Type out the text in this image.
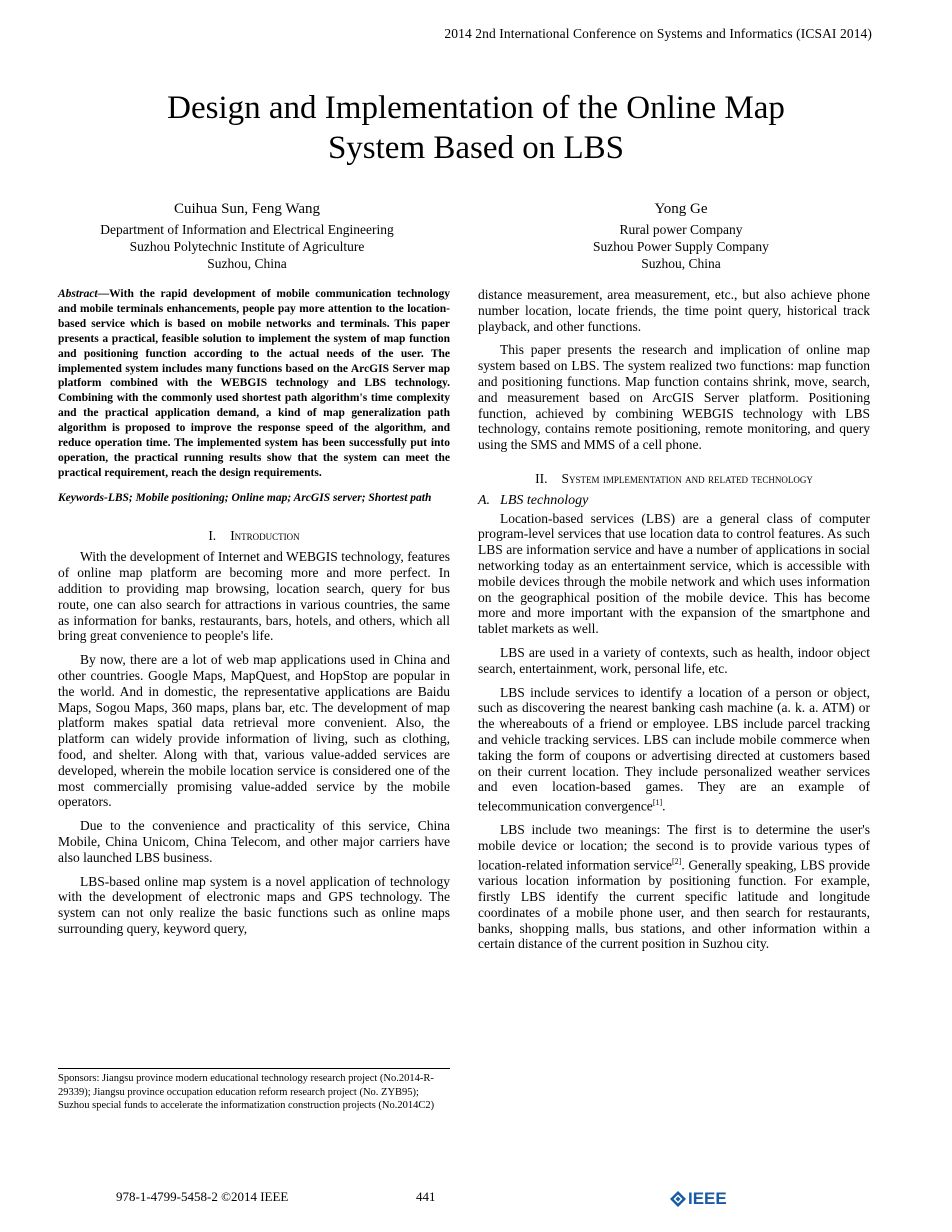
2014 2nd International Conference on Systems and Informatics (ICSAI 2014)
Design and Implementation of the Online Map
System Based on LBS
Cuihua Sun, Feng Wang
Department of Information and Electrical Engineering
Suzhou Polytechnic Institute of Agriculture
Suzhou, China
Yong Ge
Rural power Company
Suzhou Power Supply Company
Suzhou, China

Abstract—With the rapid development of mobile communication technology and mobile terminals enhancements, people pay more attention to the location-based service which is based on mobile networks and terminals. This paper presents a practical, feasible solution to implement the system of map function and positioning function according to the actual needs of the user. The implemented system includes many functions based on the ArcGIS Server map platform combined with the WEBGIS technology and LBS technology. Combining with the commonly used shortest path algorithm's time complexity and the practical application demand, a kind of map generalization path algorithm is proposed to improve the response speed of the algorithm, and reduce operation time. The implemented system has been successfully put into operation, the practical running results show that the system can meet the practical requirement, reach the design requirements.

Keywords-LBS; Mobile positioning; Online map; ArcGIS server; Shortest path

I. Introduction

With the development of Internet and WEBGIS technology, features of online map platform are becoming more and more perfect. In addition to providing map browsing, location search, query for bus route, one can also search for attractions in various countries, the same as information for banks, restaurants, bars, hotels, and others, which all bring great convenience to people's life.

By now, there are a lot of web map applications used in China and other countries. Google Maps, MapQuest, and HopStop are popular in the world. And in domestic, the representative applications are Baidu Maps, Sogou Maps, 360 maps, plans bar, etc. The development of map platform makes spatial data retrieval more convenient. Also, the platform can widely provide information of living, such as clothing, food, and shelter. Along with that, various value-added services are developed, wherein the mobile location service is considered one of the most commercially promising value-added service by the mobile operators.

Due to the convenience and practicality of this service, China Mobile, China Unicom, China Telecom, and other major carriers have also launched LBS business.

LBS-based online map system is a novel application of technology with the development of electronic maps and GPS technology. The system can not only realize the basic functions such as online maps surrounding query, keyword query,

distance measurement, area measurement, etc., but also achieve phone number location, locate friends, the time point query, historical track playback, and other functions.

This paper presents the research and implication of online map system based on LBS. The system realized two functions: map function and positioning functions. Map function contains shrink, move, search, and measurement based on ArcGIS Server platform. Positioning function, achieved by combining WEBGIS technology with LBS technology, contains remote positioning, remote monitoring, and query using the SMS and MMS of a cell phone.

II. System implementation and related technology
A. LBS technology

Location-based services (LBS) are a general class of computer program-level services that use location data to control features. As such LBS are information service and have a number of applications in social networking today as an entertainment service, which is accessible with mobile devices through the mobile network and which uses information on the geographical position of the mobile device. This has become more and more important with the expansion of the smartphone and tablet markets as well.

LBS are used in a variety of contexts, such as health, indoor object search, entertainment, work, personal life, etc.

LBS include services to identify a location of a person or object, such as discovering the nearest banking cash machine (a. k. a. ATM) or the whereabouts of a friend or employee. LBS include parcel tracking and vehicle tracking services. LBS can include mobile commerce when taking the form of coupons or advertising directed at customers based on their current location. They include personalized weather services and even location-based games. They are an example of telecommunication convergence[1].

LBS include two meanings: The first is to determine the user's mobile device or location; the second is to provide various types of location-related information service[2]. Generally speaking, LBS provide various location information by positioning function. For example, firstly LBS identify the current specific latitude and longitude coordinates of a mobile phone user, and then search for restaurants, banks, shopping malls, bus stations, and other information within a certain distance of the current position in Suzhou city.

Sponsors: Jiangsu province modern educational technology research project (No.2014-R-29339); Jiangsu province occupation education reform research project (No. ZYB95); Suzhou special funds to accelerate the informatization construction projects (No.2014C2)
978-1-4799-5458-2 ©2014 IEEE	441	IEEE
